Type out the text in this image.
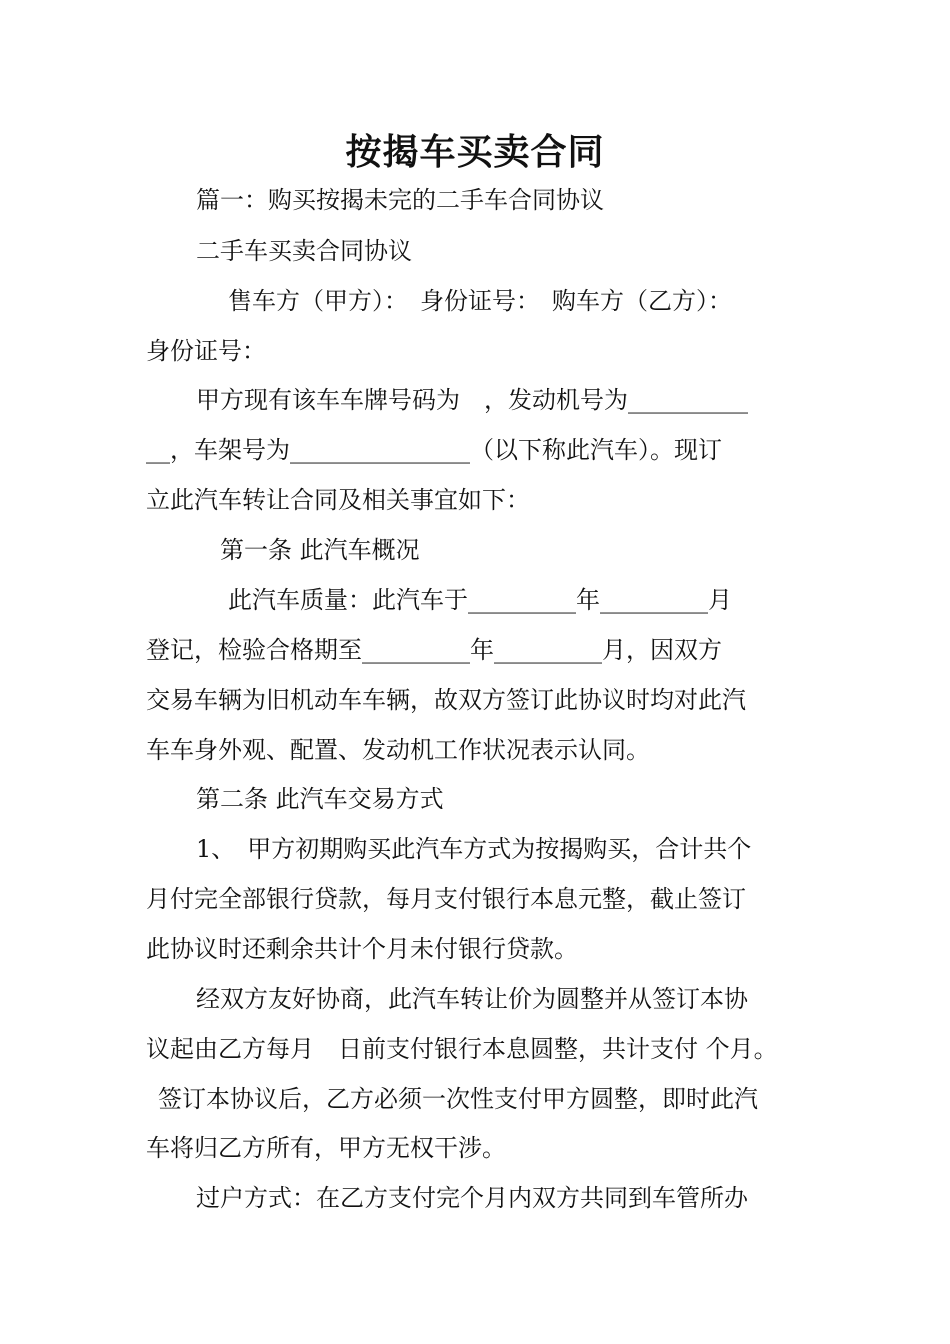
按揭车买卖合同
篇一：购买按揭未完的二手车合同协议
二手车买卖合同协议
售车方（甲方）：　身份证号：　购车方（乙方）：
身份证号：
甲方现有该车车牌号码为　，发动机号为__________
__，车架号为_______________（以下称此汽车）。现订
立此汽车转让合同及相关事宜如下：
第一条 此汽车概况
此汽车质量：此汽车于_________年_________月
登记，检验合格期至_________年_________月，因双方
交易车辆为旧机动车车辆，故双方签订此协议时均对此汽
车车身外观、配置、发动机工作状况表示认同。
第二条 此汽车交易方式
1、　甲方初期购买此汽车方式为按揭购买，合计共个
月付完全部银行贷款，每月支付银行本息元整，截止签订
此协议时还剩余共计个月未付银行贷款。
经双方友好协商，此汽车转让价为圆整并从签订本协
议起由乙方每月　日前支付银行本息圆整，共计支付 个月。
签订本协议后，乙方必须一次性支付甲方圆整，即时此汽
车将归乙方所有，甲方无权干涉。
过户方式：在乙方支付完个月内双方共同到车管所办
